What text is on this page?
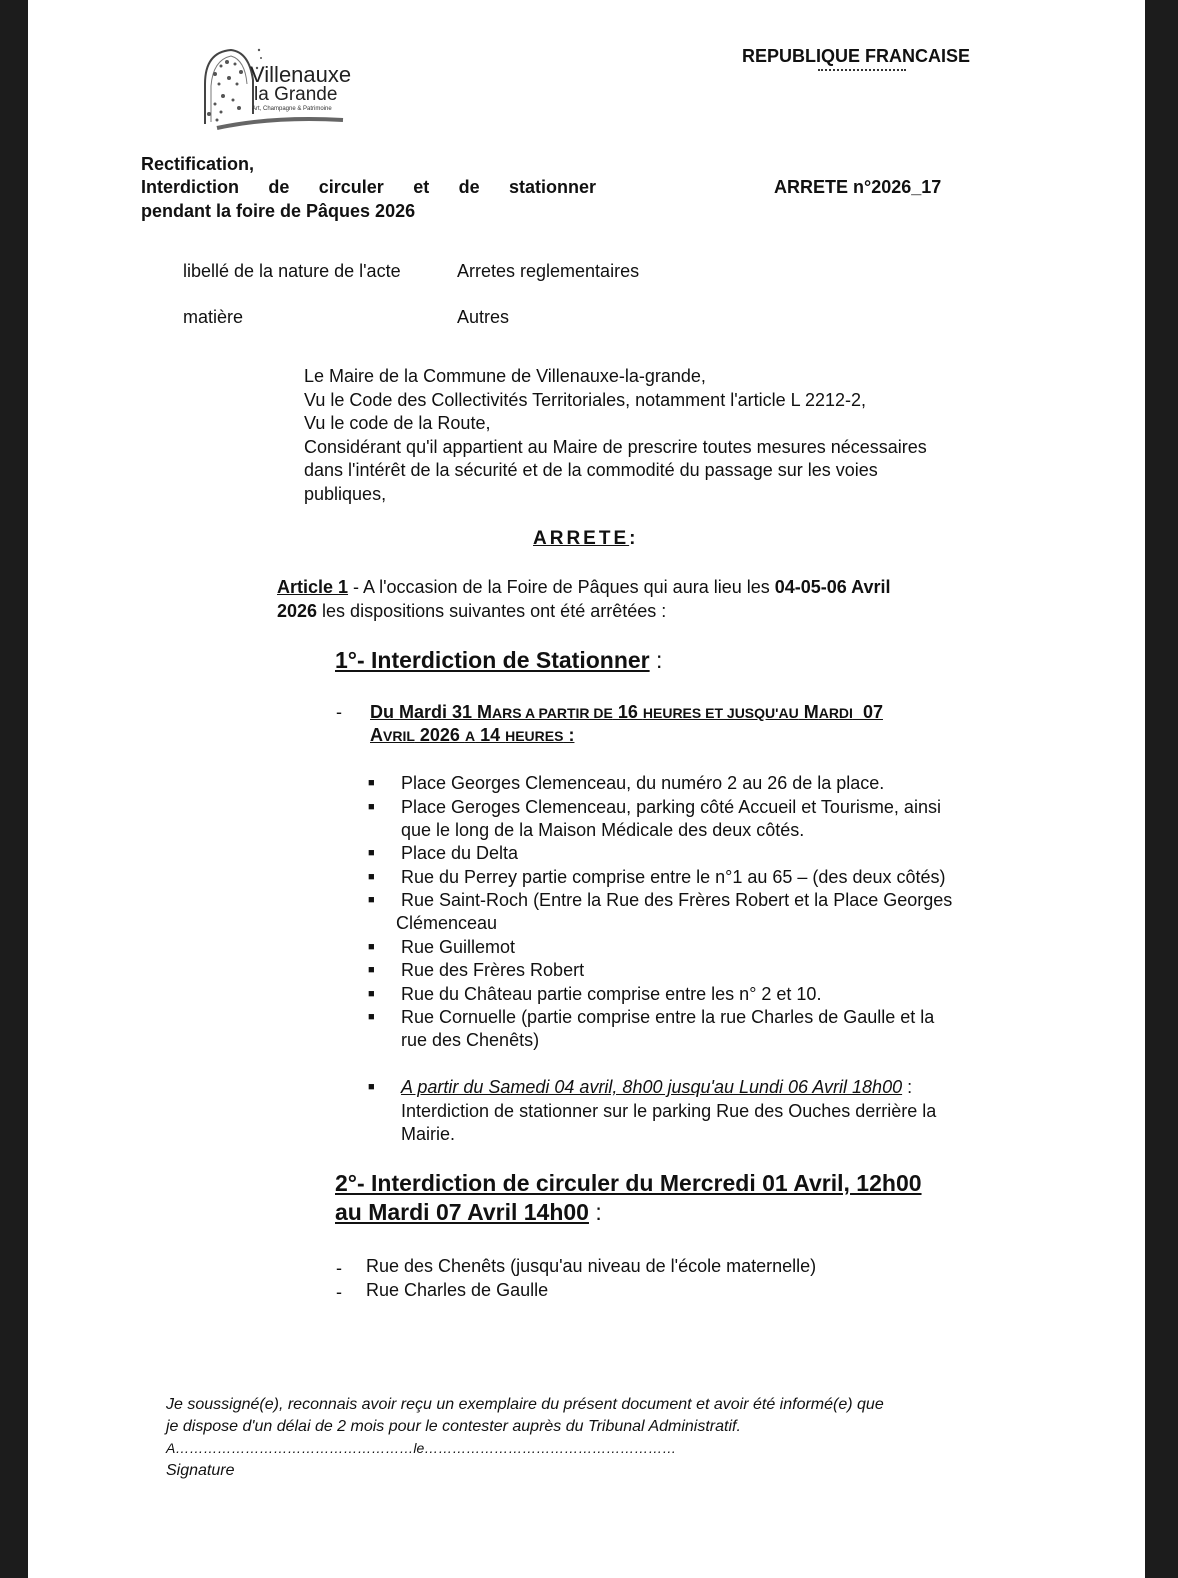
Villenauxe
la Grande
Art, Champagne & Patrimoine
REPUBLIQUE FRANCAISE
Rectification,
Interdiction de circuler et de stationner
pendant la foire de Pâques 2026
ARRETE n°2026_17
libellé de la nature de l'acte	Arretes reglementaires
matière	Autres
Le Maire de la Commune de Villenauxe-la-grande,
Vu le Code des Collectivités Territoriales, notamment l'article L 2212-2,
Vu le code de la Route,
Considérant qu'il appartient au Maire de prescrire toutes mesures nécessaires
dans l'intérêt de la sécurité et de la commodité du passage sur les voies
publiques,
ARRETE:
Article 1 - A l'occasion de la Foire de Pâques qui aura lieu les 04-05-06 Avril
2026 les dispositions suivantes ont été arrêtées :
1°- Interdiction de Stationner :
- Du Mardi 31 MARS A PARTIR DE 16 HEURES ET JUSQU'AU MARDI  07
AVRIL 2026 A 14 HEURES :
■ Place Georges Clemenceau, du numéro 2 au 26 de la place.
■ Place Geroges Clemenceau, parking côté Accueil et Tourisme, ainsi
que le long de la Maison Médicale des deux côtés.
■ Place du Delta
■ Rue du Perrey partie comprise entre le n°1 au 65 – (des deux côtés)
■ Rue Saint-Roch (Entre la Rue des Frères Robert et la Place Georges
Clémenceau
■ Rue Guillemot
■ Rue des Frères Robert
■ Rue du Château partie comprise entre les n° 2 et 10.
■ Rue Cornuelle (partie comprise entre la rue Charles de Gaulle et la
rue des Chenêts)
■ A partir du Samedi 04 avril, 8h00 jusqu'au Lundi 06 Avril 18h00 :
Interdiction de stationner sur le parking Rue des Ouches derrière la
Mairie.
2°- Interdiction de circuler du Mercredi 01 Avril, 12h00
au Mardi 07 Avril 14h00 :
- Rue des Chenêts (jusqu'au niveau de l'école maternelle)
- Rue Charles de Gaulle
Je soussigné(e), reconnais avoir reçu un exemplaire du présent document et avoir été informé(e) que
je dispose d'un délai de 2 mois pour le contester auprès du Tribunal Administratif.
A……………………………………………le………………………………………………
Signature
